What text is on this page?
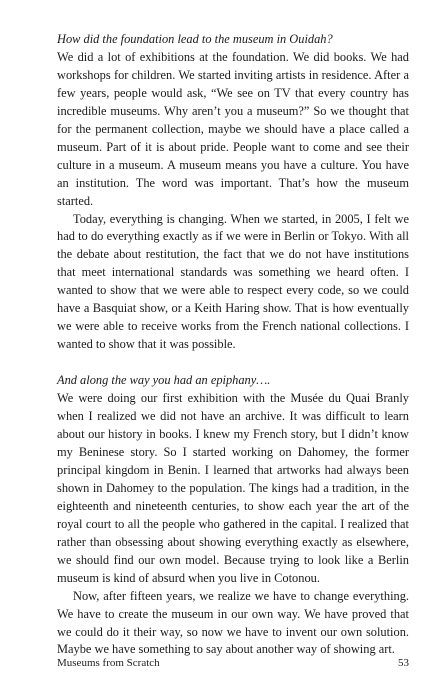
How did the foundation lead to the museum in Ouidah?

We did a lot of exhibitions at the foundation. We did books. We had workshops for children. We started inviting artists in residence. After a few years, people would ask, “We see on TV that every country has incredible museums. Why aren’t you a museum?” So we thought that for the permanent collection, maybe we should have a place called a museum. Part of it is about pride. People want to come and see their culture in a museum. A museum means you have a culture. You have an institution. The word was important. That’s how the museum started.

Today, everything is changing. When we started, in 2005, I felt we had to do everything exactly as if we were in Berlin or Tokyo. With all the debate about restitution, the fact that we do not have institutions that meet international standards was something we heard often. I wanted to show that we were able to respect every code, so we could have a Basquiat show, or a Keith Haring show. That is how eventually we were able to receive works from the French national collections. I wanted to show that it was possible.

And along the way you had an epiphany….

We were doing our first exhibition with the Musée du Quai Branly when I realized we did not have an archive. It was difficult to learn about our history in books. I knew my French story, but I didn’t know my Beninese story. So I started working on Dahomey, the former principal kingdom in Benin. I learned that artworks had always been shown in Dahomey to the population. The kings had a tradition, in the eighteenth and nineteenth centuries, to show each year the art of the royal court to all the people who gathered in the capital. I realized that rather than obsessing about showing everything exactly as elsewhere, we should find our own model. Because trying to look like a Berlin museum is kind of absurd when you live in Cotonou.

Now, after fifteen years, we realize we have to change everything. We have to create the museum in our own way. We have proved that we could do it their way, so now we have to invent our own solution. Maybe we have something to say about another way of showing art.

Museums from Scratch	53
